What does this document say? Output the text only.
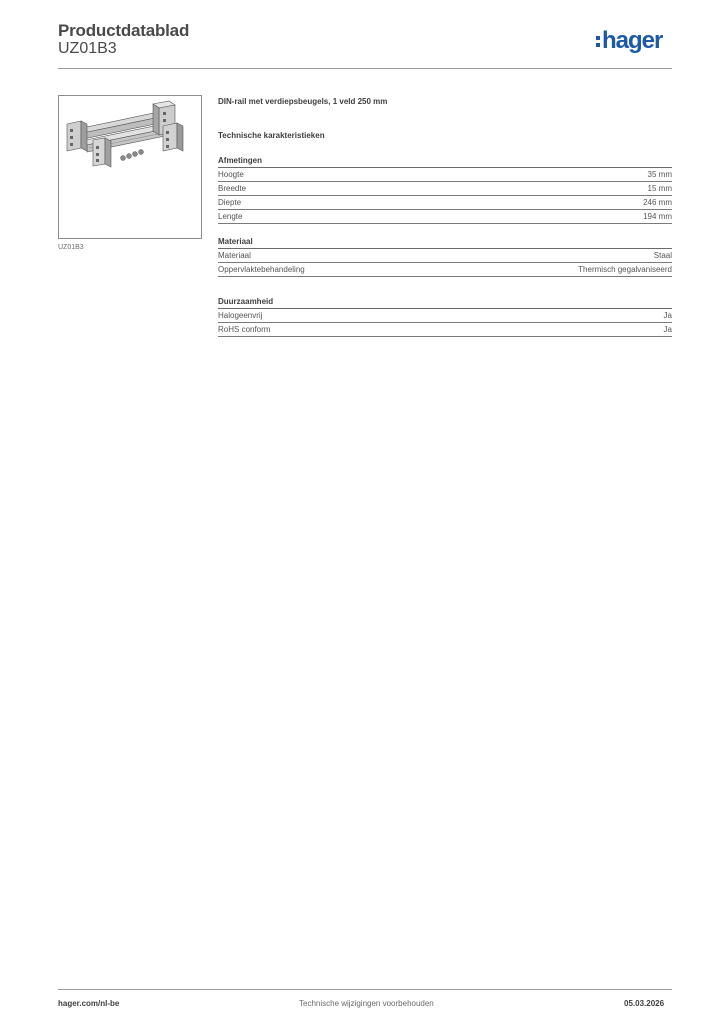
Productdatablad
UZ01B3	hager
UZ01B3
DIN-rail met verdiepsbeugels, 1 veld 250 mm
Technische karakteristieken
Afmetingen
Hoogte	35 mm
Breedte	15 mm
Diepte	246 mm
Lengte	194 mm
Materiaal
Materiaal	Staal
Oppervlaktebehandeling	Thermisch gegalvaniseerd
Duurzaamheid
Halogeenvrij	Ja
RoHS conform	Ja
hager.com/nl-be	Technische wijzigingen voorbehouden	05.03.2026
